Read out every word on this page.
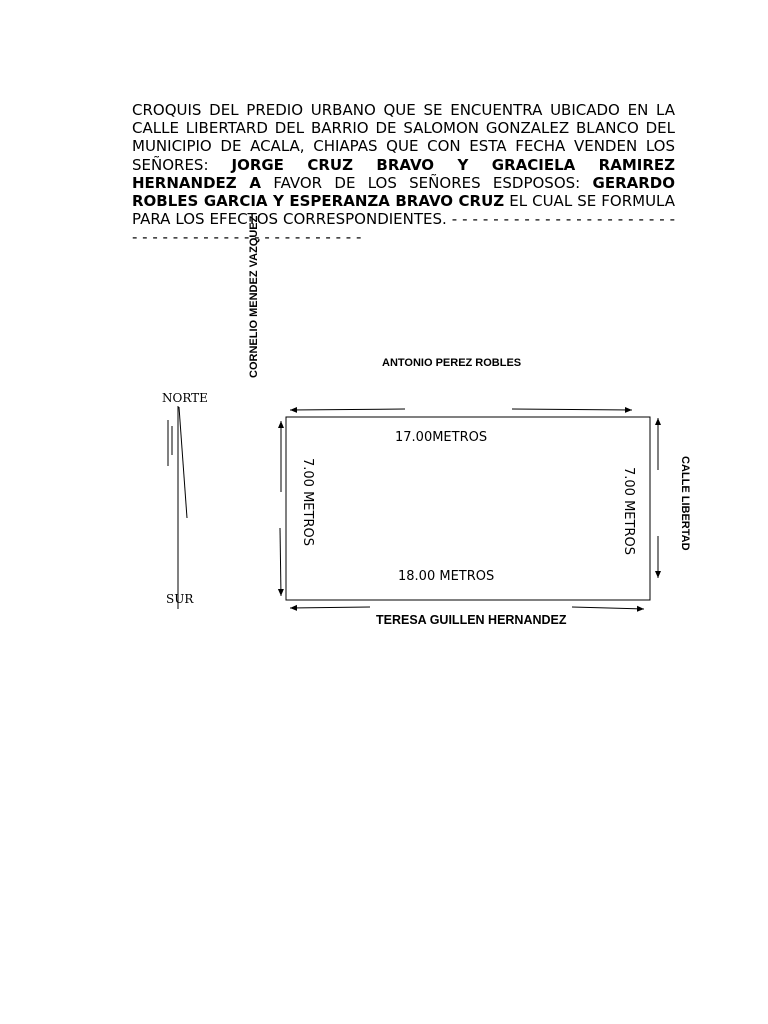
CROQUIS DEL PREDIO URBANO QUE SE ENCUENTRA UBICADO EN LA CALLE LIBERTARD DEL BARRIO DE SALOMON GONZALEZ BLANCO DEL MUNICIPIO DE ACALA, CHIAPAS QUE CON ESTA FECHA VENDEN LOS SEÑORES: JORGE CRUZ BRAVO Y GRACIELA RAMIREZ HERNANDEZ A FAVOR DE LOS SEÑORES ESDPOSOS: GERARDO ROBLES GARCIA Y ESPERANZA BRAVO CRUZ EL CUAL SE FORMULA PARA LOS EFECTOS CORRESPONDIENTES. - - - - - - - - - - - - - - - - - - - - - - - - - - - - - - - - - - - - - - - - - - - - -
CORNELIO MENDEZ VAZQUEZ	ANTONIO PEREZ ROBLES
CALLE LIBERTAD
TERESA GUILLEN HERNANDEZ
17.00METROS
18.00 METROS
7.00 METROS	7.00 METROS
NORTE
SUR
